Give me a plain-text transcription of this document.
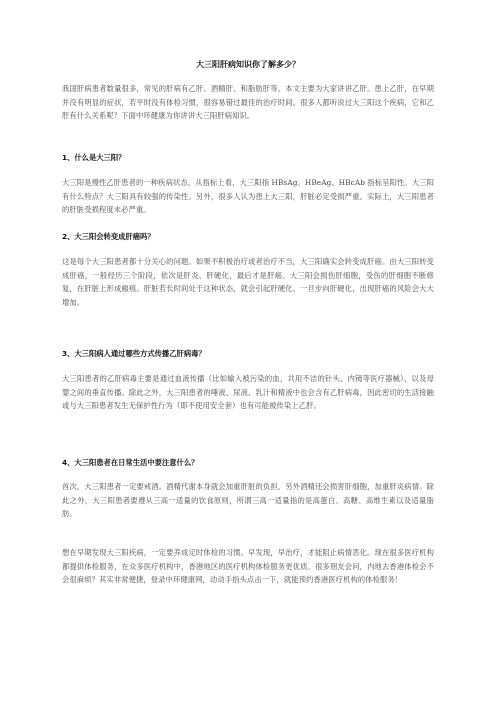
大三阳肝病知识你了解多少？

我国肝病患者数量很多，常见的肝病有乙肝、酒精肝、和脂肪肝等。本文主要为大家讲讲乙肝。患上乙肝，在早期并没有明显的症状，若平时没有体检习惯，很容易错过最佳的治疗时间。很多人都听说过大三阳这个疾病，它和乙肝有什么关系呢？下面中环健康为你讲讲大三阳肝病知识。

1、什么是大三阳？

大三阳是慢性乙肝患者的一种疾病状态，从指标上看，大三阳指 HBsAg、HBeAg、HBcAb 指标呈阳性。大三阳有什么特点？大三阳具有较强的传染性。另外，很多人认为患上大三阳，肝脏必定受损严重。实际上，大三阳患者的肝脏受损程度未必严重。

2、大三阳会转变成肝癌吗？

这是每个大三阳患者都十分关心的问题。如果不积极治疗或者治疗不当，大三阳确实会转变成肝癌。由大三阳转变成肝癌，一般经历三个阶段，依次是肝炎、肝硬化，最后才是肝癌。大三阳会损伤肝细胞，受伤的肝细胞不断修复，在肝脏上形成瘢痕。肝脏若长时间处于这种状态，就会引起肝硬化。一旦步向肝硬化，出现肝癌的风险会大大增加。

3、大三阳病人通过哪些方式传播乙肝病毒？

大三阳患者的乙肝病毒主要是通过血液传播（比如输入被污染的血，共用不洁的针头、内镜等医疗器械），以及母婴之间的垂直传播。除此之外，大三阳患者的唾液、尿液、乳汁和精液中也会含有乙肝病毒，因此密切的生活接触或与大三阳患者发生无保护性行为（即不使用安全套）也有可能被传染上乙肝。

4、大三阳患者在日常生活中要注意什么？

首次，大三阳患者一定要戒酒。酒精代谢本身就会加重肝脏的负担，另外酒精还会损害肝细胞，加重肝炎病情。除此之外，大三阳患者要遵从三高一适量的饮食原则，所谓三高一适量指的是高蛋白、高糖、高维生素以及适量脂肪。

想在早期发现大三阳疾病，一定要养成定时体检的习惯。早发现，早治疗，才能阻止病情恶化。现在很多医疗机构都提供体检服务，在众多医疗机构中，香港地区的医疗机构体检服务更优质。很多朋友会问，内地去香港体检会不会很麻烦？其实非常便捷，登录中环健康网，动动手指头点击一下，就能预约香港医疗机构的体检服务！
